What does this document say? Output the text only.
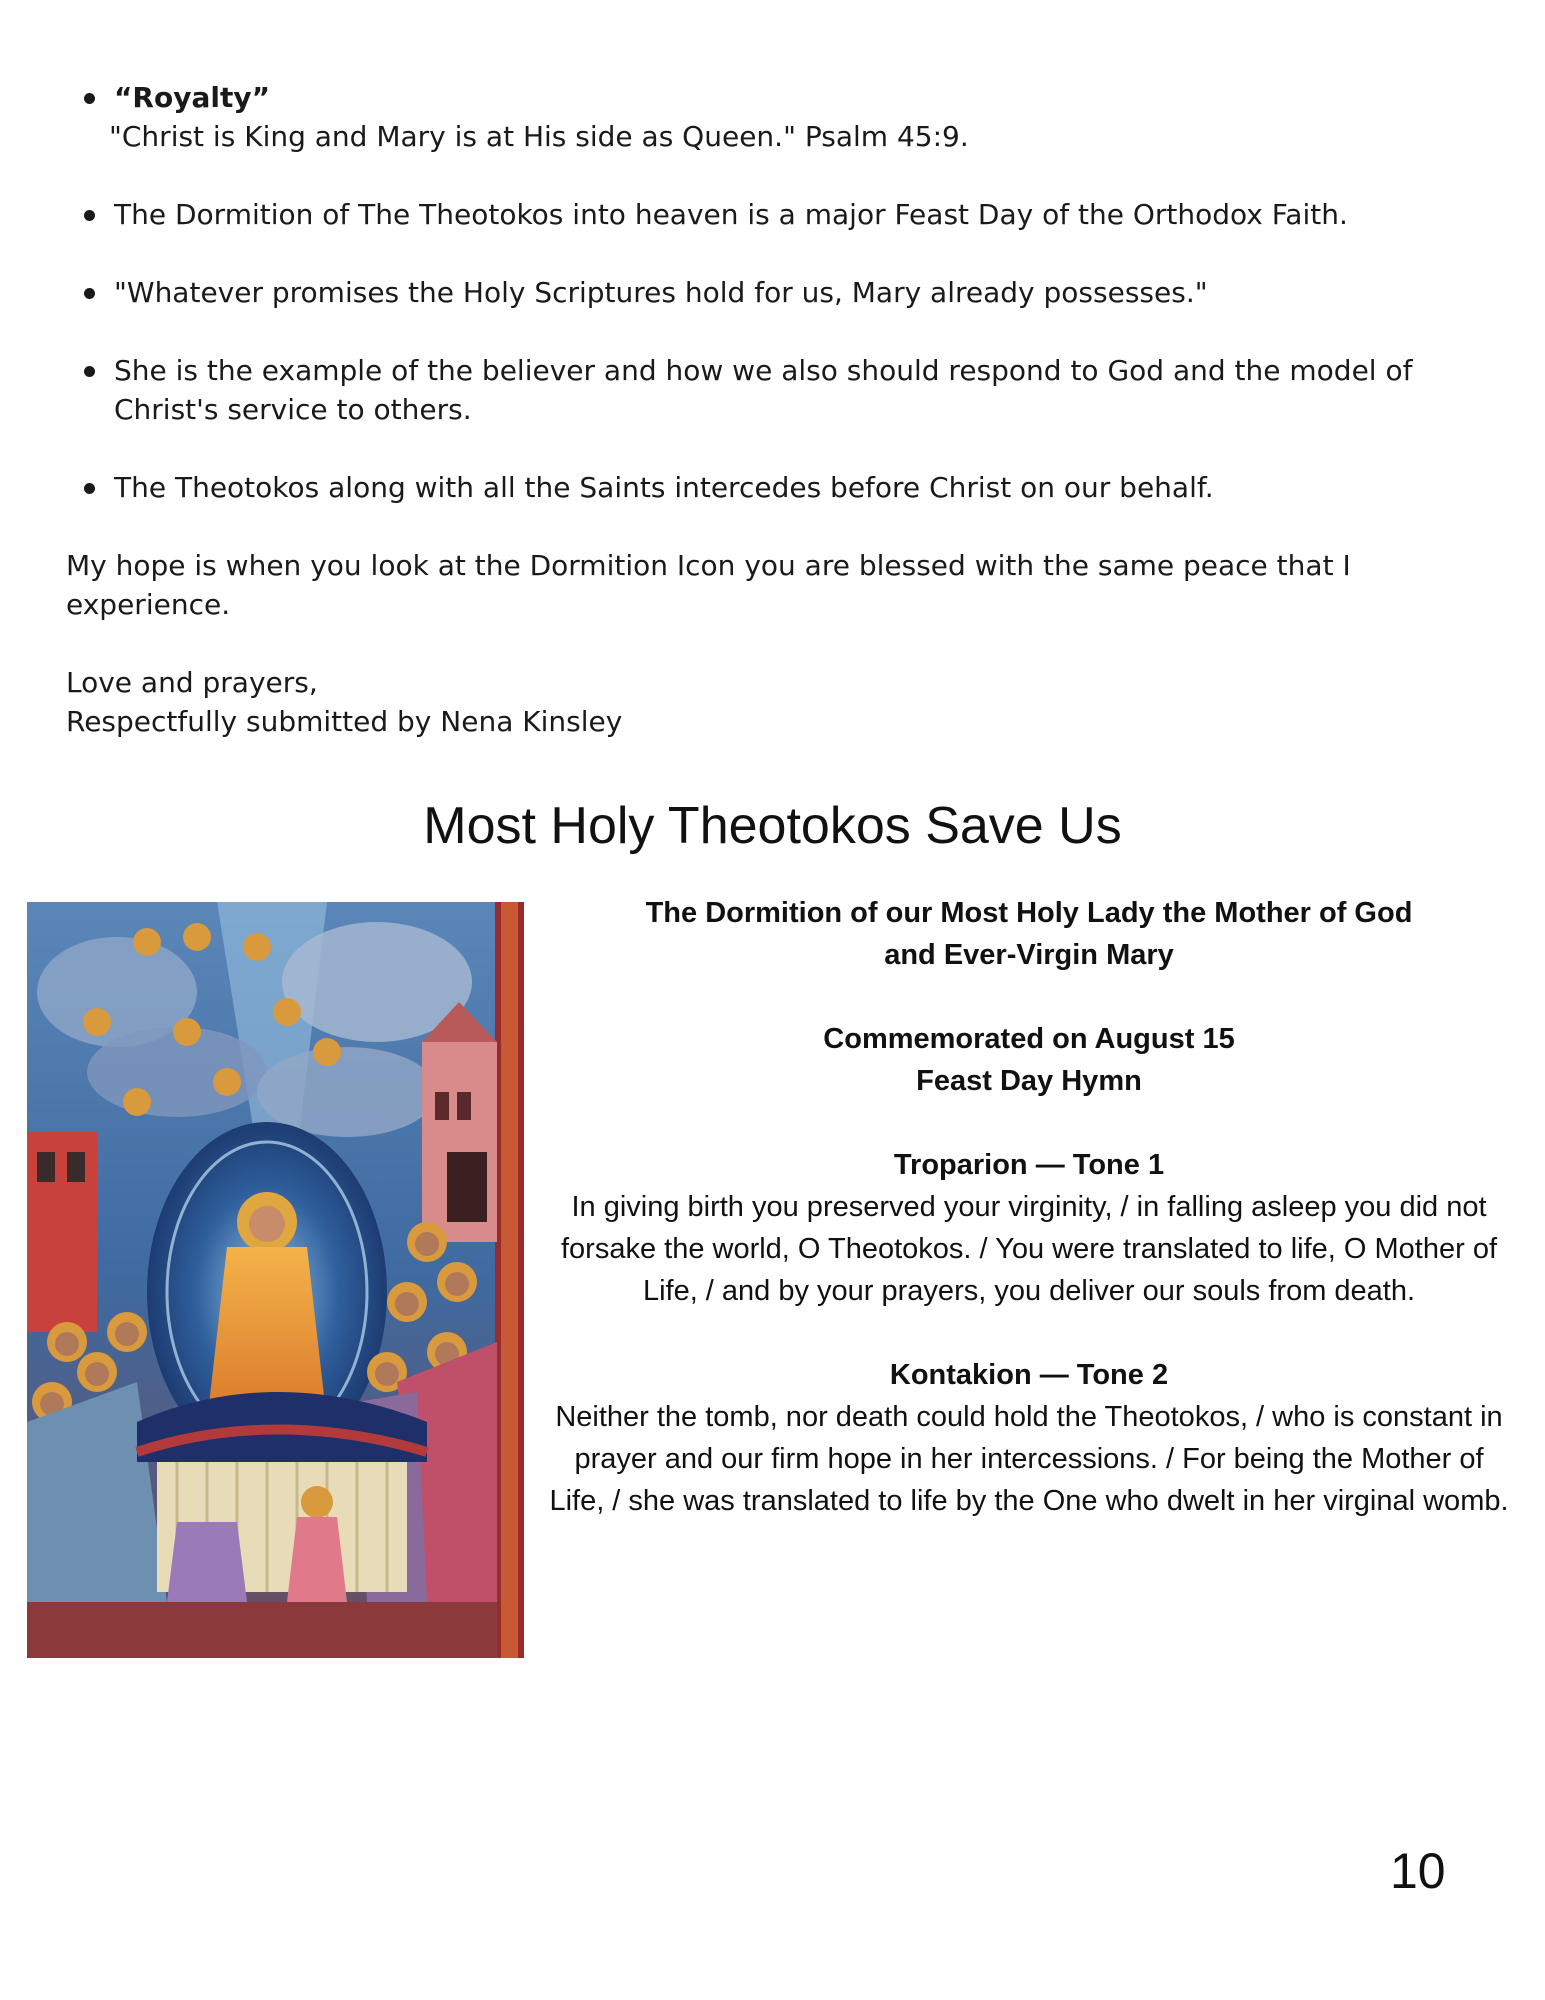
“Royalty”
"Christ is King and Mary is at His side as Queen." Psalm 45:9.
The Dormition of The Theotokos into heaven is a major Feast Day of the Orthodox Faith.
"Whatever promises the Holy Scriptures hold for us, Mary already possesses."
She is the example of the believer and how we also should respond to God and the model of Christ's service to others.
The Theotokos along with all the Saints intercedes before Christ on our behalf.

My hope is when you look at the Dormition Icon you are blessed with the same peace that I experience.

Love and prayers,
Respectfully submitted by Nena Kinsley

Most Holy Theotokos Save Us
The Dormition of our Most Holy Lady the Mother of God
and Ever-Virgin Mary
Commemorated on August 15
Feast Day Hymn
Troparion — Tone 1
In giving birth you preserved your virginity, / in falling asleep you did not forsake the world, O Theotokos. / You were translated to life, O Mother of Life, / and by your prayers, you deliver our souls from death.
Kontakion — Tone 2
Neither the tomb, nor death could hold the Theotokos, / who is constant in prayer and our firm hope in her intercessions. / For being the Mother of Life, / she was translated to life by the One who dwelt in her virginal womb.
10
